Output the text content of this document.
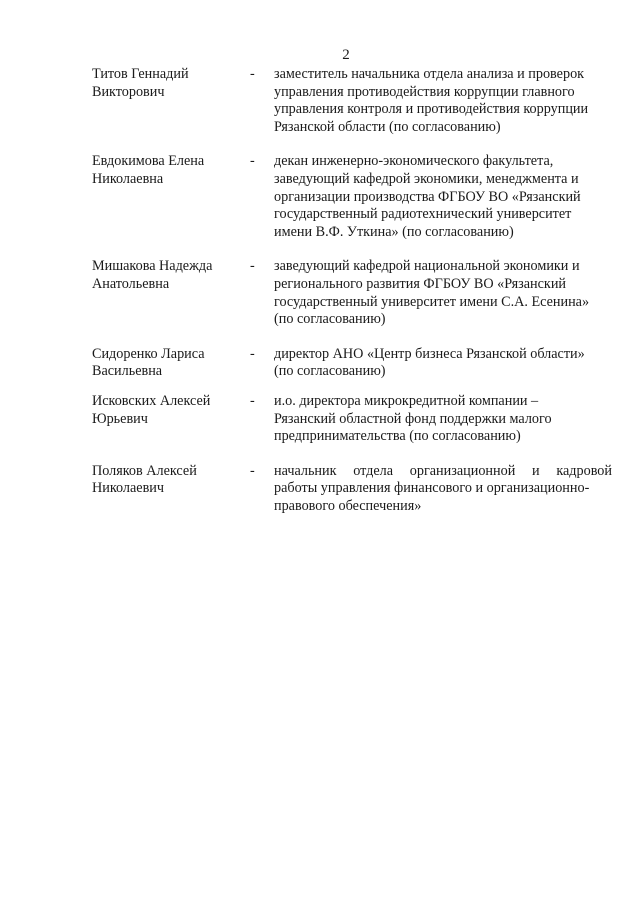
2
Титов Геннадий
Викторович
-	заместитель начальника отдела анализа и проверок
управления противодействия коррупции главного
управления контроля и противодействия коррупции
Рязанской области (по согласованию)
Евдокимова Елена
Николаевна
-	декан инженерно-экономического факультета,
заведующий кафедрой экономики, менеджмента и
организации производства ФГБОУ ВО «Рязанский
государственный радиотехнический университет
имени В.Ф. Уткина» (по согласованию)
Мишакова Надежда
Анатольевна
-	заведующий кафедрой национальной экономики и
регионального развития ФГБОУ ВО «Рязанский
государственный университет имени С.А. Есенина»
(по согласованию)
Сидоренко Лариса
Васильевна
-	директор АНО «Центр бизнеса Рязанской области»
(по согласованию)
Исковских Алексей
Юрьевич
-	и.о. директора микрокредитной компании –
Рязанский областной фонд поддержки малого
предпринимательства (по согласованию)
Поляков Алексей
Николаевич
-	начальник отдела организационной и кадровой
работы управления финансового и организационно-
правового обеспечения»
